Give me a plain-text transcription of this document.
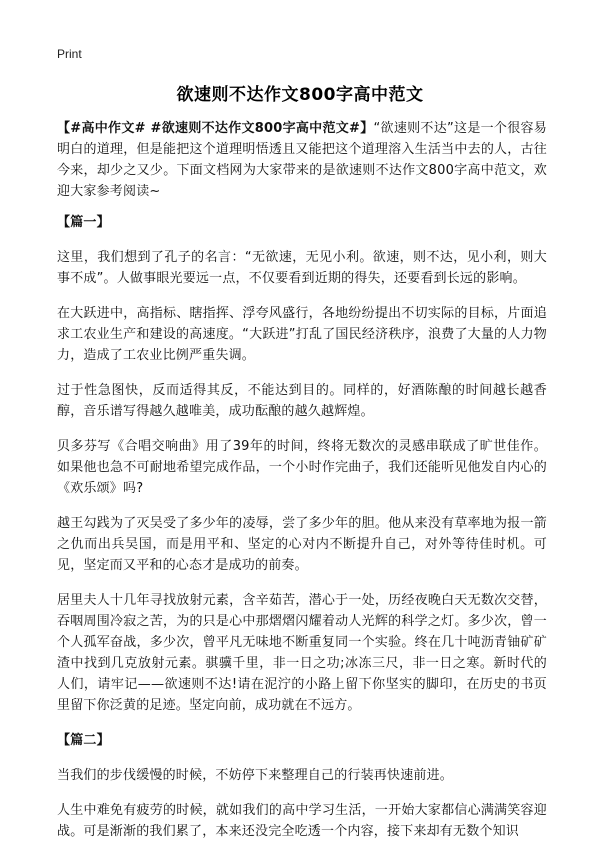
Print
欲速则不达作文800字高中范文

【#高中作文# #欲速则不达作文800字高中范文#】“欲速则不达”这是一个很容易明白的道理，但是能把这个道理明悟透且又能把这个道理溶入生活当中去的人，古往今来，却少之又少。下面文档网为大家带来的是欲速则不达作文800字高中范文，欢迎大家参考阅读~

【篇一】

这里，我们想到了孔子的名言：“无欲速，无见小利。欲速，则不达，见小利，则大事不成”。人做事眼光要远一点，不仅要看到近期的得失，还要看到长远的影响。

在大跃进中，高指标、瞎指挥、浮夸风盛行，各地纷纷提出不切实际的目标，片面追求工农业生产和建设的高速度。“大跃进”打乱了国民经济秩序，浪费了大量的人力物力，造成了工农业比例严重失调。

过于性急图快，反而适得其反，不能达到目的。同样的，好酒陈酿的时间越长越香醇，音乐谱写得越久越唯美，成功酝酿的越久越辉煌。

贝多芬写《合唱交响曲》用了39年的时间，终将无数次的灵感串联成了旷世佳作。如果他也急不可耐地希望完成作品，一个小时作完曲子，我们还能听见他发自内心的《欢乐颂》吗?

越王勾践为了灭吴受了多少年的凌辱，尝了多少年的胆。他从来没有草率地为报一箭之仇而出兵吴国，而是用平和、坚定的心对内不断提升自己，对外等待佳时机。可见，坚定而又平和的心态才是成功的前奏。

居里夫人十几年寻找放射元素，含辛茹苦，潜心于一处，历经夜晚白天无数次交替，吞咽周围冷寂之苦，为的只是心中那熠熠闪耀着动人光辉的科学之灯。多少次，曾一个人孤军奋战，多少次，曾平凡无味地不断重复同一个实验。终在几十吨沥青铀矿矿渣中找到几克放射元素。骐骥千里，非一日之功;冰冻三尺，非一日之寒。新时代的人们，请牢记——欲速则不达!请在泥泞的小路上留下你坚实的脚印，在历史的书页里留下你泛黄的足迹。坚定向前，成功就在不远方。

【篇二】

当我们的步伐缓慢的时候，不妨停下来整理自己的行装再快速前进。

人生中难免有疲劳的时候，就如我们的高中学习生活，一开始大家都信心满满笑容迎战。可是渐渐的我们累了，本来还没完全吃透一个内容，接下来却有无数个知识
